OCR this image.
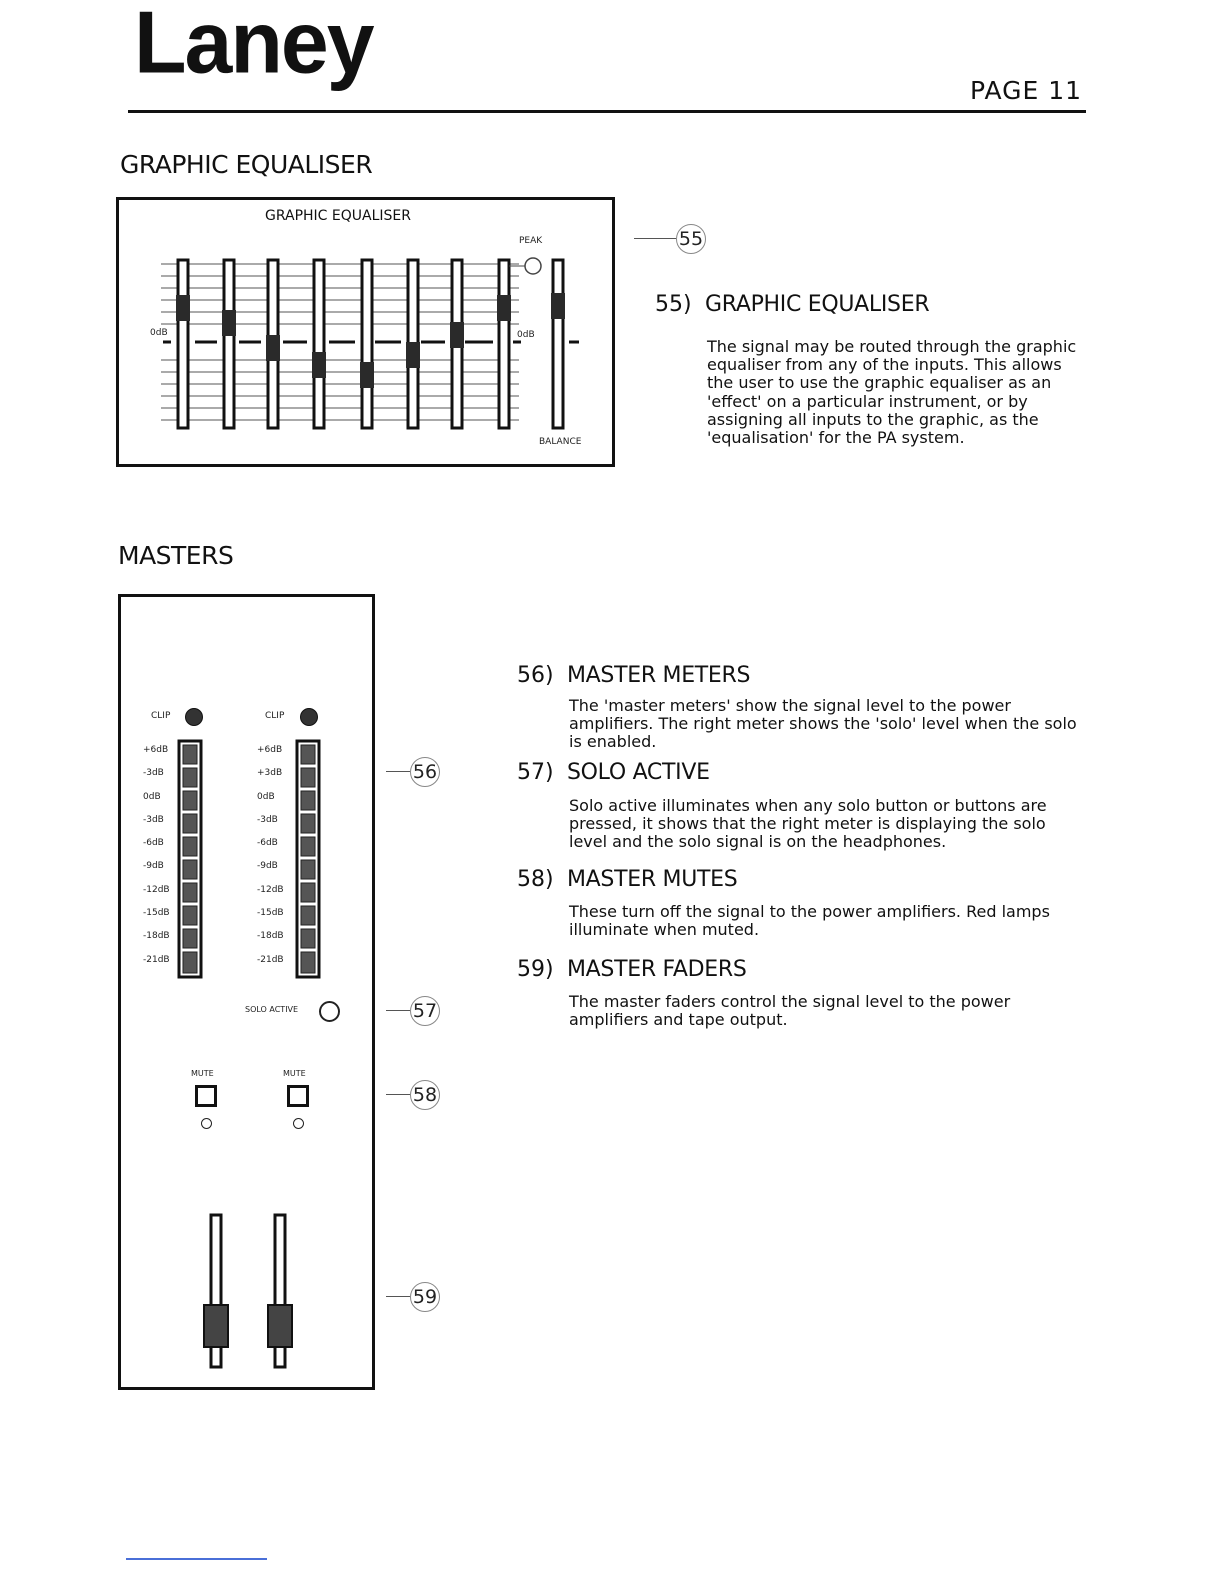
Laney	PAGE 11
GRAPHIC EQUALISER
GRAPHIC EQUALISER
PEAK
0dB	0dB
BALANCE
55
55) GRAPHIC EQUALISER
The signal may be routed through the graphic equaliser from any of the inputs. This allows the user to use the graphic equaliser as an 'effect' on a particular instrument, or by assigning all inputs to the graphic, as the 'equalisation' for the PA system.
MASTERS
CLIP	CLIP
+6dB
-3dB
0dB
-3dB
-6dB
-9dB
-12dB
-15dB
-18dB
-21dB
+6dB
+3dB
0dB
-3dB
-6dB
-9dB
-12dB
-15dB
-18dB
-21dB
SOLO ACTIVE
MUTE	MUTE
56
57
58
59
56) MASTER METERS
The 'master meters' show the signal level to the power amplifiers. The right meter shows the 'solo' level when the solo is enabled.
57) SOLO ACTIVE
Solo active illuminates when any solo button or buttons are pressed, it shows that the right meter is displaying the solo level and the solo signal is on the headphones.
58) MASTER MUTES
These turn off the signal to the power amplifiers. Red lamps illuminate when muted.
59) MASTER FADERS
The master faders control the signal level to the power amplifiers and tape output.
